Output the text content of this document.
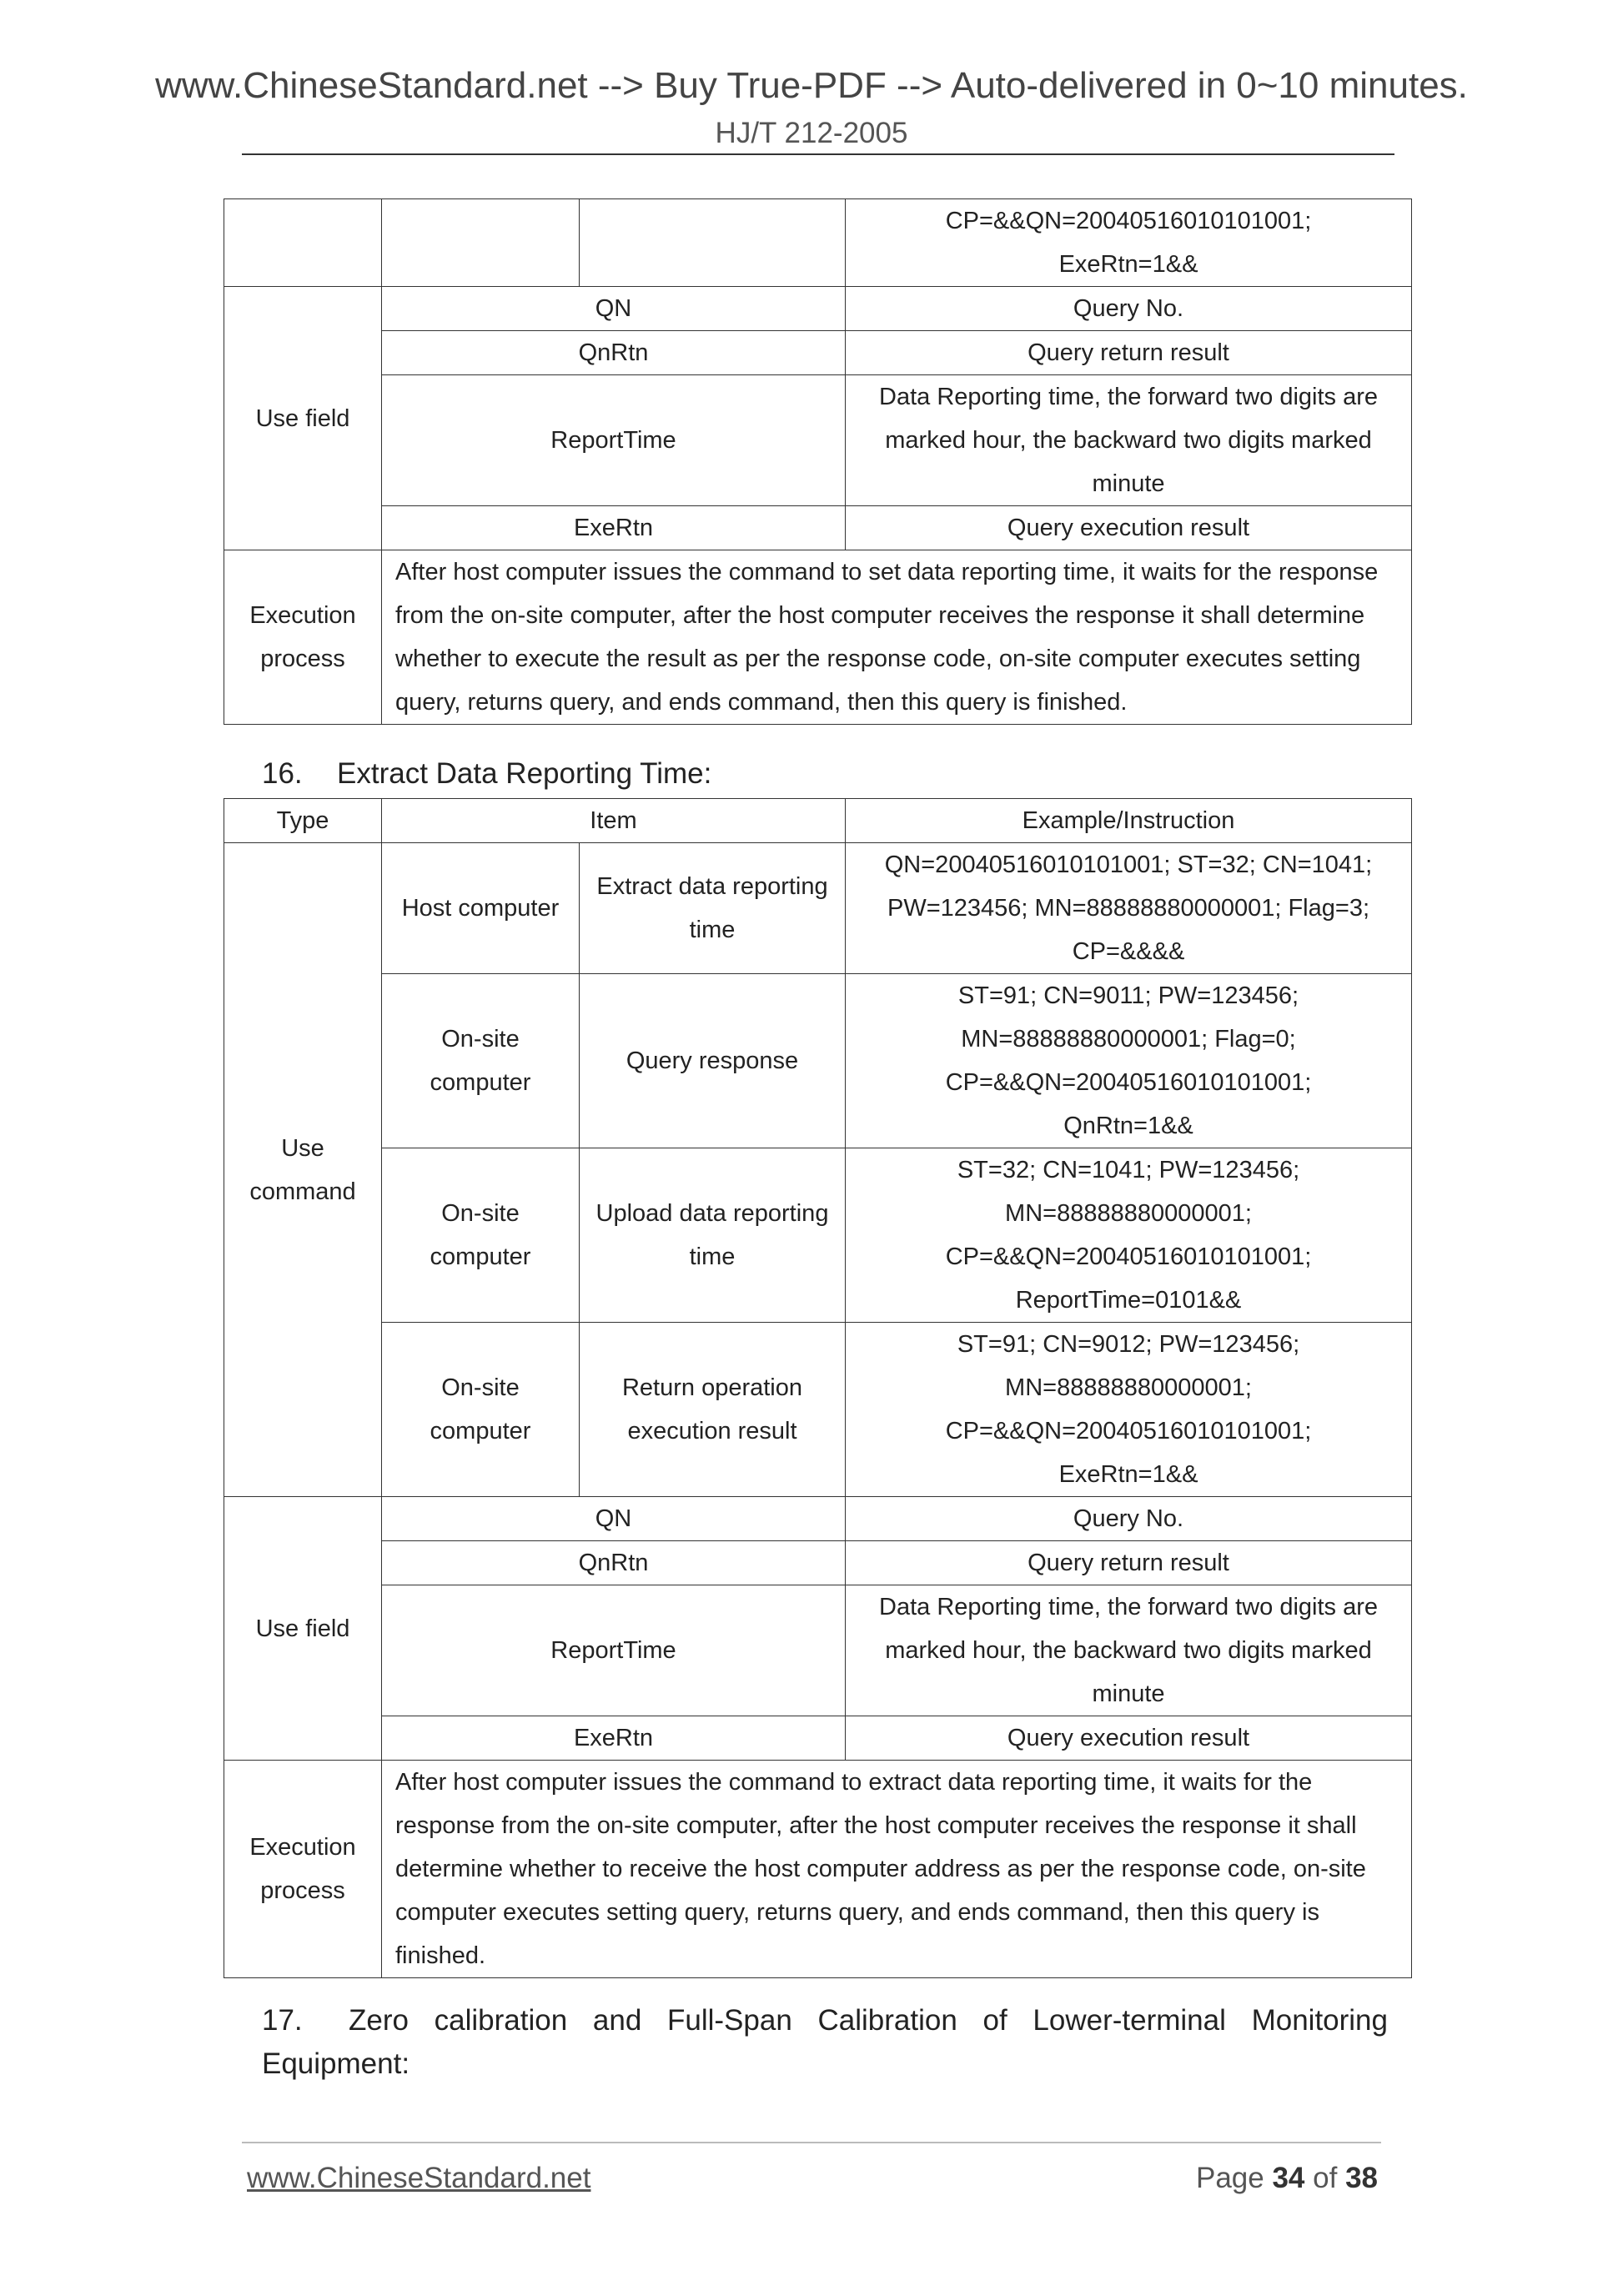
www.ChineseStandard.net --> Buy True-PDF --> Auto-delivered in 0~10 minutes.
HJ/T 212-2005

			CP=&&QN=20040516010101001;
ExeRtn=1&&

Use field	QN		Query No.
	QnRtn		Query return result
	ReportTime		Data Reporting time, the forward two digits are marked hour, the backward two digits marked minute
	ExeRtn		Query execution result
Execution process	After host computer issues the command to set data reporting time, it waits for the response from the on-site computer, after the host computer receives the response it shall determine whether to execute the result as per the response code, on-site computer executes setting query, returns query, and ends command, then this query is finished.		
16. Extract Data Reporting Time:
Type	Item		Example/Instruction
Use command	Host computer	Extract data reporting time	QN=20040516010101001; ST=32; CN=1041;
PW=123456; MN=88888880000001; Flag=3;
CP=&&&&

	On-site computer	Query response	ST=91; CN=9011; PW=123456;
MN=88888880000001; Flag=0;
CP=&&QN=20040516010101001;
QnRtn=1&&

	On-site computer	Upload data reporting time	ST=32; CN=1041; PW=123456;
MN=88888880000001;
CP=&&QN=20040516010101001;
ReportTime=0101&&

	On-site computer	Return operation execution result	ST=91; CN=9012; PW=123456;
MN=88888880000001;
CP=&&QN=20040516010101001;
ExeRtn=1&&

Use field	QN		Query No.
	QnRtn		Query return result
	ReportTime		Data Reporting time, the forward two digits are marked hour, the backward two digits marked minute
	ExeRtn		Query execution result
Execution process	After host computer issues the command to extract data reporting time, it waits for the response from the on-site computer, after the host computer receives the response it shall determine whether to receive the host computer address as per the response code, on-site computer executes setting query, returns query, and ends command, then this query is finished.		
17. Zero calibration and Full-Span Calibration of Lower-terminal Monitoring Equipment:
www.ChineseStandard.net	Page 34 of 38
